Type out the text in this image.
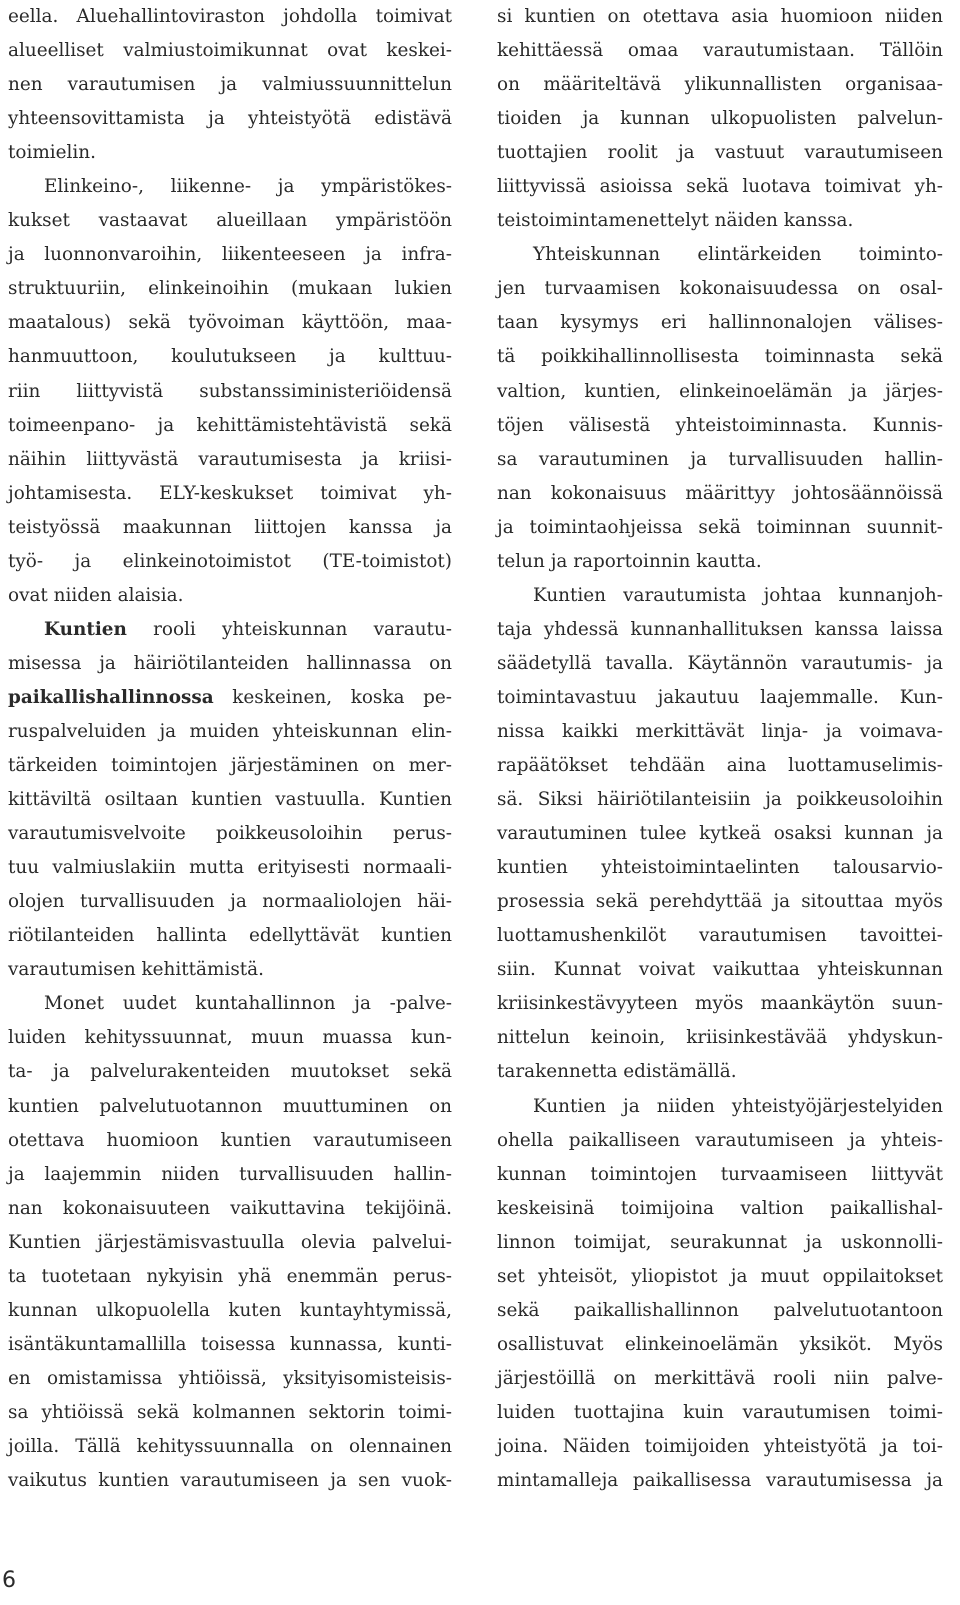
eella. Aluehallintoviraston johdolla toimivat
alueelliset valmiustoimikunnat ovat keskei-
nen varautumisen ja valmiussuunnittelun
yhteensovittamista ja yhteistyötä edistävä
toimielin.
Elinkeino-, liikenne- ja ympäristökes-
kukset vastaavat alueillaan ympäristöön
ja luonnonvaroihin, liikenteeseen ja infra-
struktuuriin, elinkeinoihin (mukaan lukien
maatalous) sekä työvoiman käyttöön, maa-
hanmuuttoon, koulutukseen ja kulttuu-
riin liittyvistä substanssiministeriöidensä
toimeenpano- ja kehittämistehtävistä sekä
näihin liittyvästä varautumisesta ja kriisi-
johtamisesta. ELY-keskukset toimivat yh-
teistyössä maakunnan liittojen kanssa ja
työ- ja elinkeinotoimistot (TE-toimistot)
ovat niiden alaisia.
Kuntien rooli yhteiskunnan varautu-
misessa ja häiriötilanteiden hallinnassa on
paikallishallinnossa keskeinen, koska pe-
ruspalveluiden ja muiden yhteiskunnan elin-
tärkeiden toimintojen järjestäminen on mer-
kittäviltä osiltaan kuntien vastuulla. Kuntien
varautumisvelvoite poikkeusoloihin perus-
tuu valmiuslakiin mutta erityisesti normaali-
olojen turvallisuuden ja normaaliolojen häi-
riötilanteiden hallinta edellyttävät kuntien
varautumisen kehittämistä.
Monet uudet kuntahallinnon ja -palve-
luiden kehityssuunnat, muun muassa kun-
ta- ja palvelurakenteiden muutokset sekä
kuntien palvelutuotannon muuttuminen on
otettava huomioon kuntien varautumiseen
ja laajemmin niiden turvallisuuden hallin-
nan kokonaisuuteen vaikuttavina tekijöinä.
Kuntien järjestämisvastuulla olevia palvelui-
ta tuotetaan nykyisin yhä enemmän perus-
kunnan ulkopuolella kuten kuntayhtymissä,
isäntäkuntamallilla toisessa kunnassa, kunti-
en omistamissa yhtiöissä, yksityisomisteisis-
sa yhtiöissä sekä kolmannen sektorin toimi-
joilla. Tällä kehityssuunnalla on olennainen
vaikutus kuntien varautumiseen ja sen vuok-
si kuntien on otettava asia huomioon niiden
kehittäessä omaa varautumistaan. Tällöin
on määriteltävä ylikunnallisten organisaa-
tioiden ja kunnan ulkopuolisten palvelun-
tuottajien roolit ja vastuut varautumiseen
liittyvissä asioissa sekä luotava toimivat yh-
teistoimintamenettelyt näiden kanssa.
Yhteiskunnan elintärkeiden toiminto-
jen turvaamisen kokonaisuudessa on osal-
taan kysymys eri hallinnonalojen välises-
tä poikkihallinnollisesta toiminnasta sekä
valtion, kuntien, elinkeinoelämän ja järjes-
töjen välisestä yhteistoiminnasta. Kunnis-
sa varautuminen ja turvallisuuden hallin-
nan kokonaisuus määrittyy johtosäännöissä
ja toimintaohjeissa sekä toiminnan suunnit-
telun ja raportoinnin kautta.
Kuntien varautumista johtaa kunnanjoh-
taja yhdessä kunnanhallituksen kanssa laissa
säädetyllä tavalla. Käytännön varautumis- ja
toimintavastuu jakautuu laajemmalle. Kun-
nissa kaikki merkittävät linja- ja voimava-
rapäätökset tehdään aina luottamuselimis-
sä. Siksi häiriötilanteisiin ja poikkeusoloihin
varautuminen tulee kytkeä osaksi kunnan ja
kuntien yhteistoimintaelinten talousarvio-
prosessia sekä perehdyttää ja sitouttaa myös
luottamushenkilöt varautumisen tavoittei-
siin. Kunnat voivat vaikuttaa yhteiskunnan
kriisinkestävyyteen myös maankäytön suun-
nittelun keinoin, kriisinkestävää yhdyskun-
tarakennetta edistämällä.
Kuntien ja niiden yhteistyöjärjestelyiden
ohella paikalliseen varautumiseen ja yhteis-
kunnan toimintojen turvaamiseen liittyvät
keskeisinä toimijoina valtion paikallishal-
linnon toimijat, seurakunnat ja uskonnolli-
set yhteisöt, yliopistot ja muut oppilaitokset
sekä paikallishallinnon palvelutuotantoon
osallistuvat elinkeinoelämän yksiköt. Myös
järjestöillä on merkittävä rooli niin palve-
luiden tuottajina kuin varautumisen toimi-
joina. Näiden toimijoiden yhteistyötä ja toi-
mintamalleja paikallisessa varautumisessa ja
6
